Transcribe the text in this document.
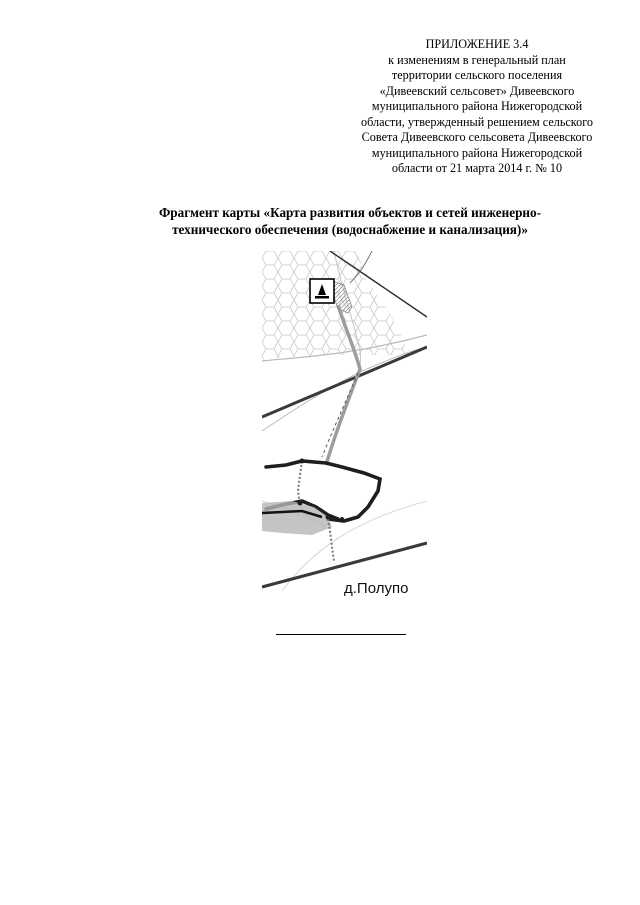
ПРИЛОЖЕНИЕ 3.4
к изменениям в генеральный план
территории сельского поселения
«Дивеевский сельсовет» Дивеевского
муниципального района Нижегородской
области, утвержденный решением сельского
Совета Дивеевского сельсовета Дивеевского
муниципального района Нижегородской
области от 21 марта 2014 г. № 10
Фрагмент карты «Карта развития объектов и сетей инженерно-
технического обеспечения (водоснабжение и канализация)»
д.Полупо
